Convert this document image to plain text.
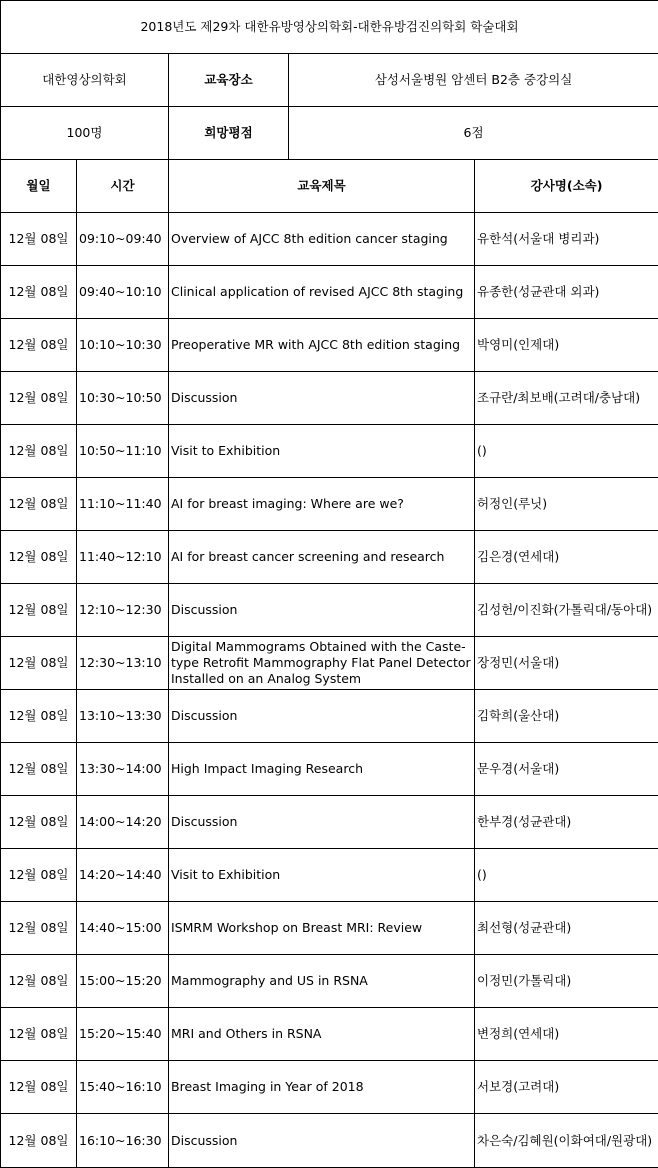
2018년도 제29차 대한유방영상의학회-대한유방검진의학회 학술대회				
대한영상의학회		교육장소	삼성서울병원 암센터 B2층 중강의실	
100명		희망평점	6점	
월일	시간	교육제목		강사명(소속)
12월 08일	09:10~09:40	Overview of AJCC 8th edition cancer staging		유한석(서울대 병리과)
12월 08일	09:40~10:10	Clinical application of revised AJCC 8th staging		유종한(성균관대 외과)
12월 08일	10:10~10:30	Preoperative MR with AJCC 8th edition staging		박영미(인제대)
12월 08일	10:30~10:50	Discussion		조규란/최보배(고려대/충남대)
12월 08일	10:50~11:10	Visit to Exhibition		()
12월 08일	11:10~11:40	AI for breast imaging: Where are we?		허정인(루닛)
12월 08일	11:40~12:10	AI for breast cancer screening and research		김은경(연세대)
12월 08일	12:10~12:30	Discussion		김성헌/이진화(가톨릭대/동아대)
12월 08일	12:30~13:10	Digital Mammograms Obtained with the Caste-type Retrofit Mammography Flat Panel Detector Installed on an Analog System		장정민(서울대)
12월 08일	13:10~13:30	Discussion		김학희(울산대)
12월 08일	13:30~14:00	High Impact Imaging Research		문우경(서울대)
12월 08일	14:00~14:20	Discussion		한부경(성균관대)
12월 08일	14:20~14:40	Visit to Exhibition		()
12월 08일	14:40~15:00	ISMRM Workshop on Breast MRI: Review		최선형(성균관대)
12월 08일	15:00~15:20	Mammography and US in RSNA		이정민(가톨릭대)
12월 08일	15:20~15:40	MRI and Others in RSNA		변정희(연세대)
12월 08일	15:40~16:10	Breast Imaging in Year of 2018		서보경(고려대)
12월 08일	16:10~16:30	Discussion		차은숙/김혜원(이화여대/원광대)
